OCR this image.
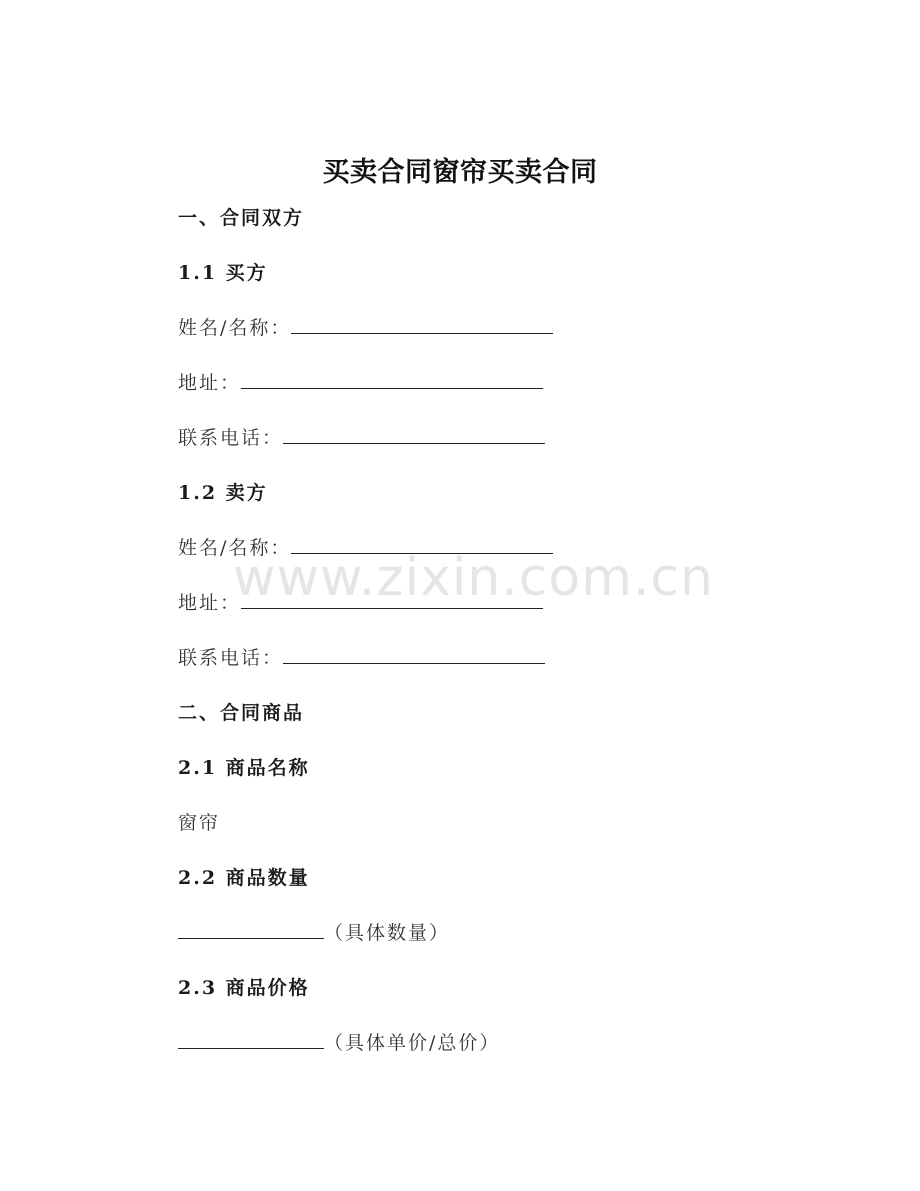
买卖合同窗帘买卖合同
一、合同双方
1.1 买方
姓名/名称：
地址：
联系电话：
1.2 卖方
姓名/名称：
地址：
联系电话：
二、合同商品
2.1 商品名称
窗帘
2.2 商品数量
（具体数量）
2.3 商品价格
（具体单价/总价）
www.zixin.com.cn
